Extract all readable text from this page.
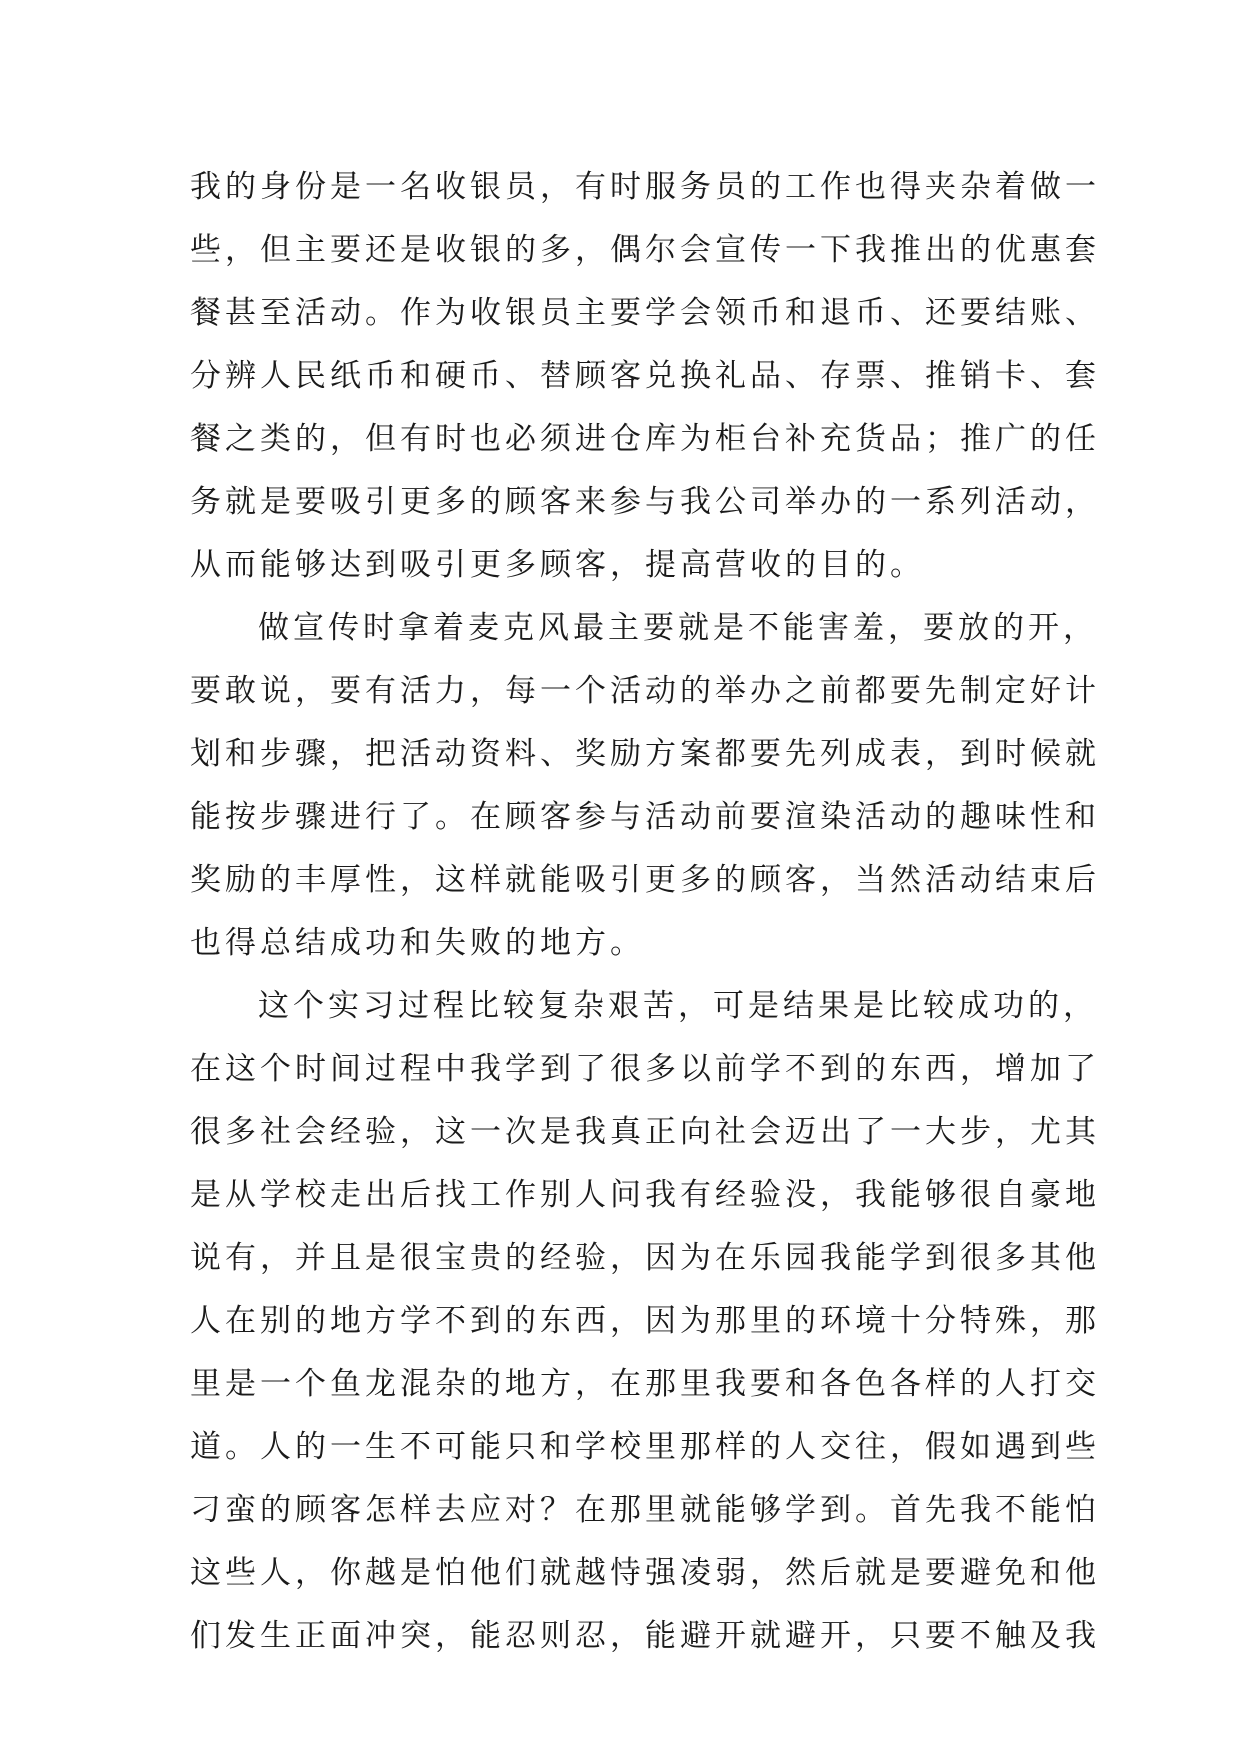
我的身份是一名收银员，有时服务员的工作也得夹杂着做一
些，但主要还是收银的多，偶尔会宣传一下我推出的优惠套
餐甚至活动。作为收银员主要学会领币和退币、还要结账、
分辨人民纸币和硬币、替顾客兑换礼品、存票、推销卡、套
餐之类的，但有时也必须进仓库为柜台补充货品；推广的任
务就是要吸引更多的顾客来参与我公司举办的一系列活动，
从而能够达到吸引更多顾客，提高营收的目的。
做宣传时拿着麦克风最主要就是不能害羞，要放的开，
要敢说，要有活力，每一个活动的举办之前都要先制定好计
划和步骤，把活动资料、奖励方案都要先列成表，到时候就
能按步骤进行了。在顾客参与活动前要渲染活动的趣味性和
奖励的丰厚性，这样就能吸引更多的顾客，当然活动结束后
也得总结成功和失败的地方。
这个实习过程比较复杂艰苦，可是结果是比较成功的，
在这个时间过程中我学到了很多以前学不到的东西，增加了
很多社会经验，这一次是我真正向社会迈出了一大步，尤其
是从学校走出后找工作别人问我有经验没，我能够很自豪地
说有，并且是很宝贵的经验，因为在乐园我能学到很多其他
人在别的地方学不到的东西，因为那里的环境十分特殊，那
里是一个鱼龙混杂的地方，在那里我要和各色各样的人打交
道。人的一生不可能只和学校里那样的人交往，假如遇到些
刁蛮的顾客怎样去应对？在那里就能够学到。首先我不能怕
这些人，你越是怕他们就越恃强凌弱，然后就是要避免和他
们发生正面冲突，能忍则忍，能避开就避开，只要不触及我
